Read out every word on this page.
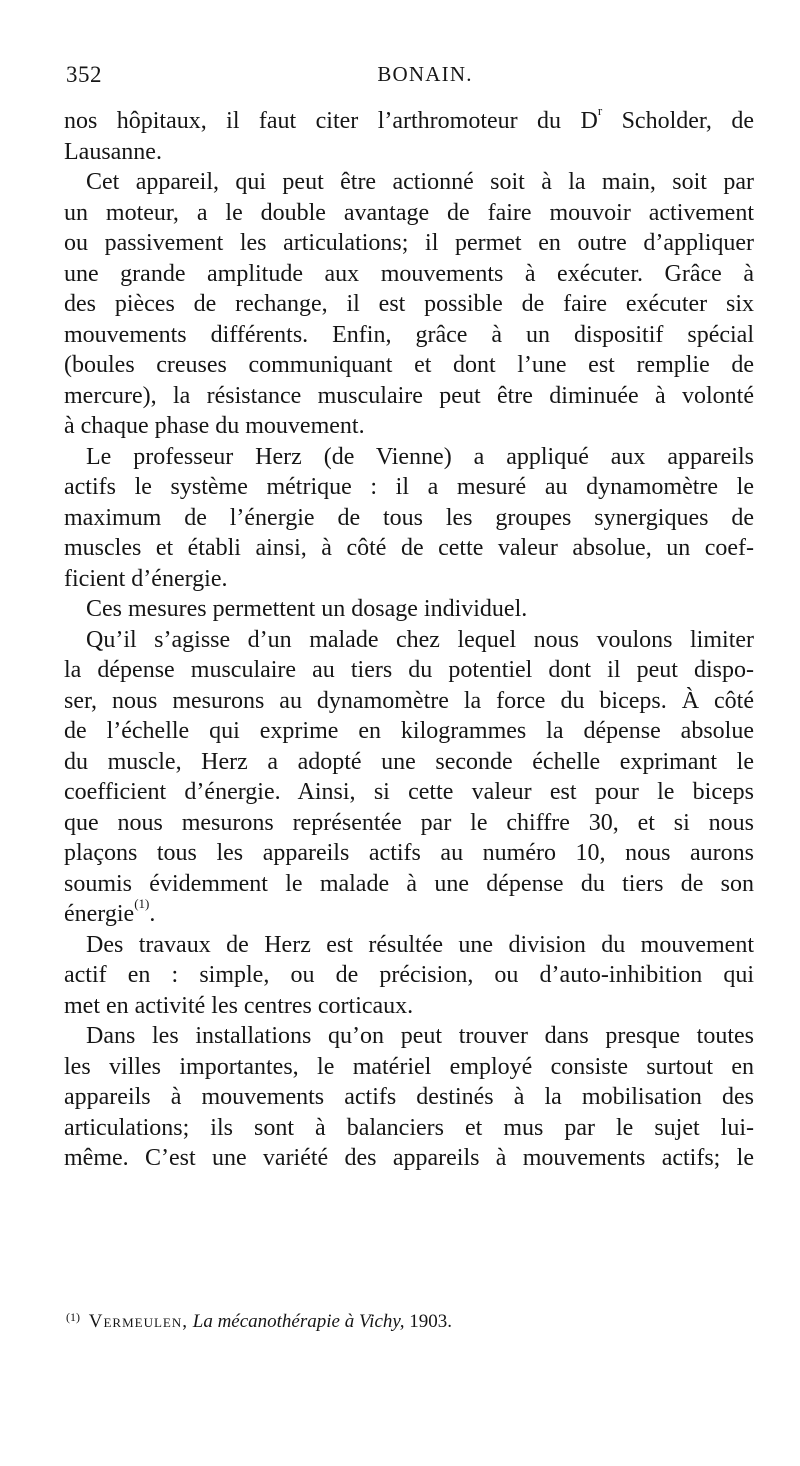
352	BONAIN.
nos hôpitaux, il faut citer l’arthromoteur du $D^r$ Scholder, de
Lausanne.
Cet appareil, qui peut être actionné soit à la main, soit par
un moteur, a le double avantage de faire mouvoir activement
ou passivement les articulations; il permet en outre d’appliquer
une grande amplitude aux mouvements à exécuter. Grâce à
des pièces de rechange, il est possible de faire exécuter six
mouvements différents. Enfin, grâce à un dispositif spécial
(boules creuses communiquant et dont l’une est remplie de
mercure), la résistance musculaire peut être diminuée à volonté
à chaque phase du mouvement.
Le professeur Herz (de Vienne) a appliqué aux appareils
actifs le système métrique : il a mesuré au dynamomètre le
maximum de l’énergie de tous les groupes synergiques de
muscles et établi ainsi, à côté de cette valeur absolue, un coef-
ficient d’énergie.
Ces mesures permettent un dosage individuel.
Qu’il s’agisse d’un malade chez lequel nous voulons limiter
la dépense musculaire au tiers du potentiel dont il peut dispo-
ser, nous mesurons au dynamomètre la force du biceps. À côté
de l’échelle qui exprime en kilogrammes la dépense absolue
du muscle, Herz a adopté une seconde échelle exprimant le
coefficient d’énergie. Ainsi, si cette valeur est pour le biceps
que nous mesurons représentée par le chiffre 30, et si nous
plaçons tous les appareils actifs au numéro 10, nous aurons
soumis évidemment le malade à une dépense du tiers de son
énergie$^{(1)}$.
Des travaux de Herz est résultée une division du mouvement
actif en : simple, ou de précision, ou d’auto-inhibition qui
met en activité les centres corticaux.
Dans les installations qu’on peut trouver dans presque toutes
les villes importantes, le matériel employé consiste surtout en
appareils à mouvements actifs destinés à la mobilisation des
articulations; ils sont à balanciers et mus par le sujet lui-
même. C’est une variété des appareils à mouvements actifs; le
$^{(1)}$ Vermeulen, La mécanothérapie à Vichy, 1903.
